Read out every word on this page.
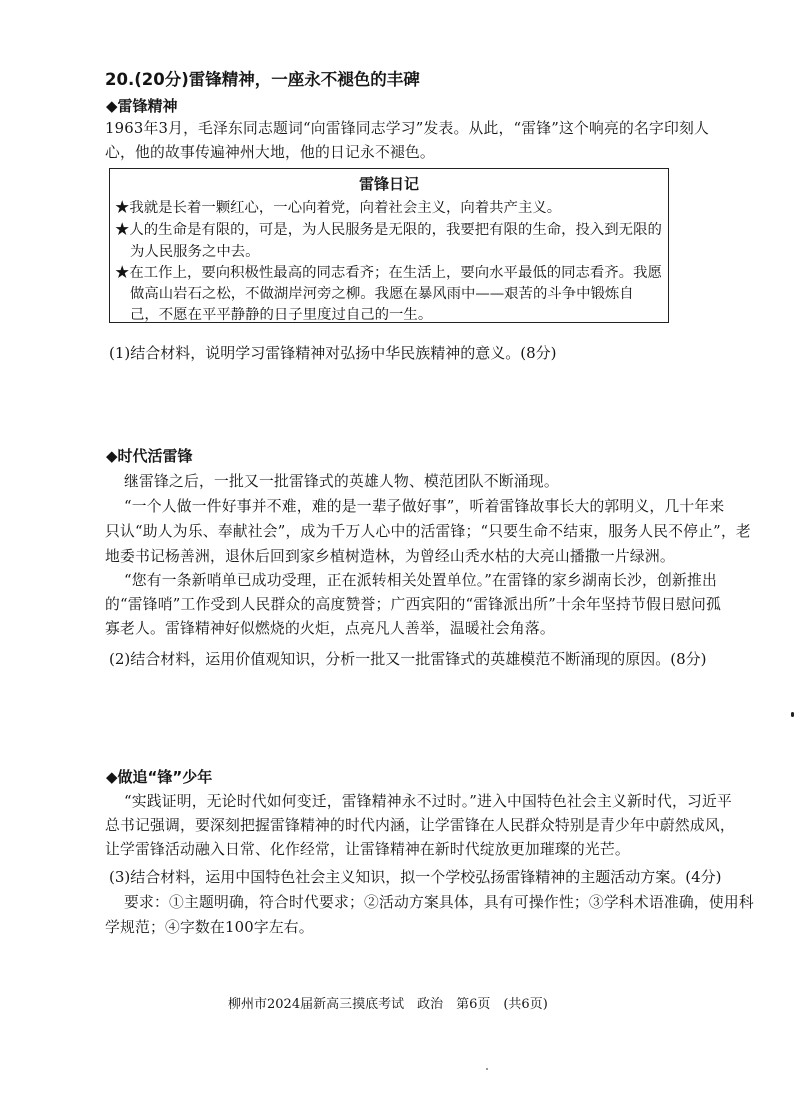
20.(20分)雷锋精神，一座永不褪色的丰碑
◆雷锋精神
1963年3月，毛泽东同志题词“向雷锋同志学习”发表。从此，“雷锋”这个响亮的名字印刻人
心，他的故事传遍神州大地，他的日记永不褪色。
雷锋日记
★我就是长着一颗红心，一心向着党，向着社会主义，向着共产主义。
★人的生命是有限的，可是，为人民服务是无限的，我要把有限的生命，投入到无限的
为人民服务之中去。
★在工作上，要向积极性最高的同志看齐；在生活上，要向水平最低的同志看齐。我愿
做高山岩石之松，不做湖岸河旁之柳。我愿在暴风雨中——艰苦的斗争中锻炼自
己，不愿在平平静静的日子里度过自己的一生。
(1)结合材料，说明学习雷锋精神对弘扬中华民族精神的意义。(8分)
◆时代活雷锋
继雷锋之后，一批又一批雷锋式的英雄人物、模范团队不断涌现。
“一个人做一件好事并不难，难的是一辈子做好事”，听着雷锋故事长大的郭明义，几十年来
只认“助人为乐、奉献社会”，成为千万人心中的活雷锋；“只要生命不结束，服务人民不停止”，老
地委书记杨善洲，退休后回到家乡植树造林，为曾经山秃水枯的大亮山播撒一片绿洲。
“您有一条新哨单已成功受理，正在派转相关处置单位。”在雷锋的家乡湖南长沙，创新推出
的“雷锋哨”工作受到人民群众的高度赞誉；广西宾阳的“雷锋派出所”十余年坚持节假日慰问孤
寡老人。雷锋精神好似燃烧的火炬，点亮凡人善举，温暖社会角落。
(2)结合材料，运用价值观知识，分析一批又一批雷锋式的英雄模范不断涌现的原因。(8分)
◆做追“锋”少年
“实践证明，无论时代如何变迁，雷锋精神永不过时。”进入中国特色社会主义新时代，习近平
总书记强调，要深刻把握雷锋精神的时代内涵，让学雷锋在人民群众特别是青少年中蔚然成风，
让学雷锋活动融入日常、化作经常，让雷锋精神在新时代绽放更加璀璨的光芒。
(3)结合材料，运用中国特色社会主义知识，拟一个学校弘扬雷锋精神的主题活动方案。(4分)
要求：①主题明确，符合时代要求；②活动方案具体，具有可操作性；③学科术语准确，使用科
学规范；④字数在100字左右。
柳州市2024届新高三摸底考试　政治　第6页　(共6页)
